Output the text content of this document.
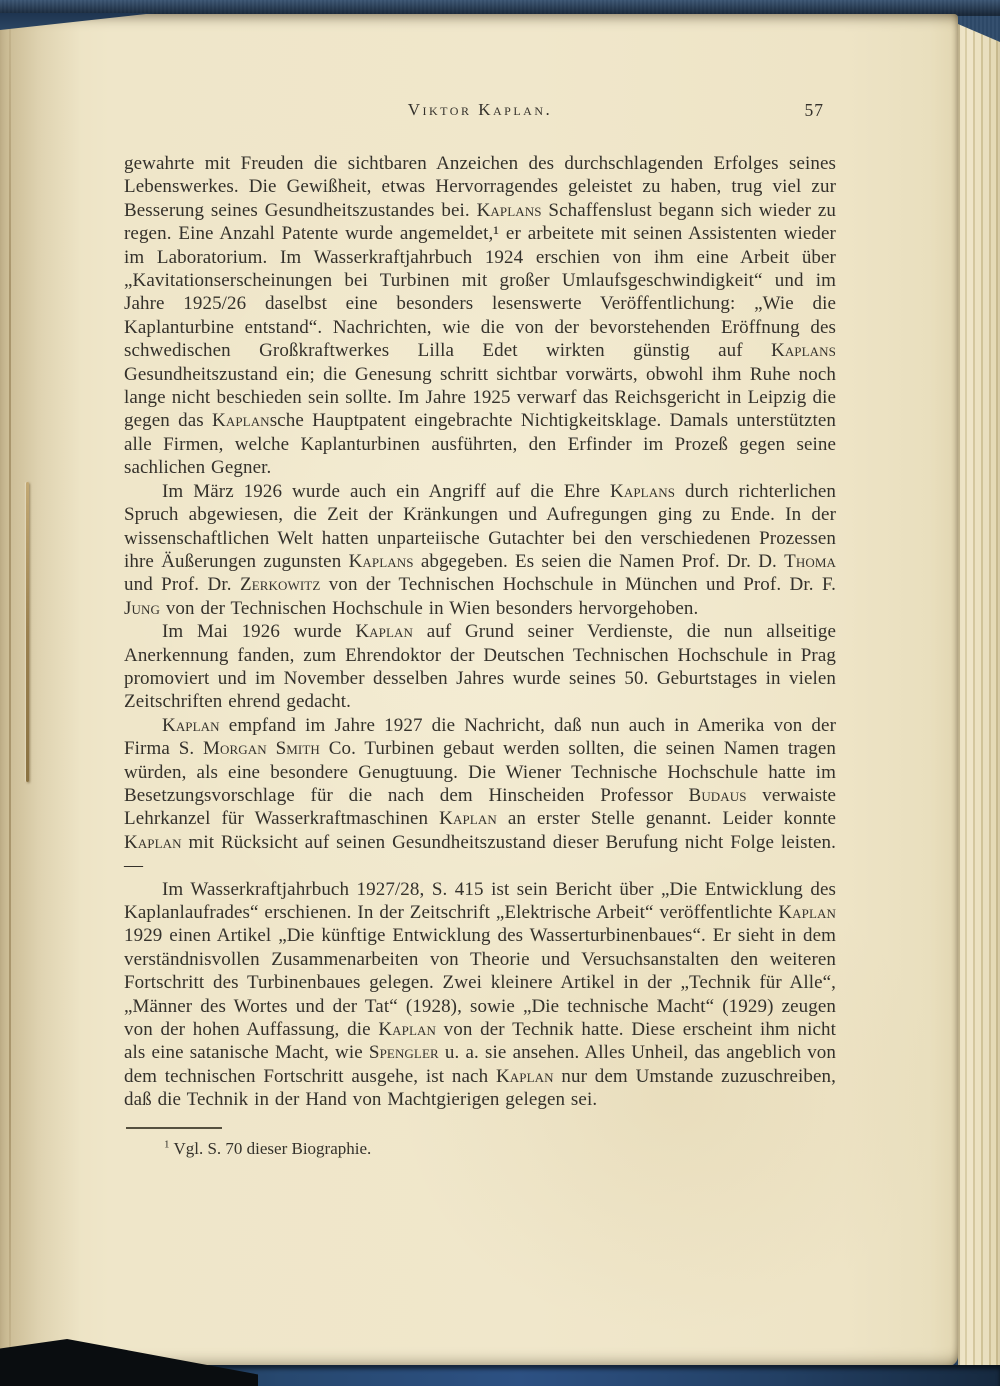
Viktor Kaplan.	57

gewahrte mit Freuden die sichtbaren Anzeichen des durchschlagenden Erfolges seines Lebenswerkes. Die Gewißheit, etwas Hervorragendes geleistet zu haben, trug viel zur Besserung seines Gesundheitszustandes bei. Kaplans Schaffenslust begann sich wieder zu regen. Eine Anzahl Patente wurde angemeldet,¹ er arbeitete mit seinen Assistenten wieder im Laboratorium. Im Wasserkraftjahrbuch 1924 erschien von ihm eine Arbeit über „Kavitationserscheinungen bei Turbinen mit großer Umlaufsgeschwindigkeit“ und im Jahre 1925/26 daselbst eine besonders lesenswerte Veröffentlichung: „Wie die Kaplanturbine entstand“. Nachrichten, wie die von der bevorstehenden Eröffnung des schwedischen Großkraftwerkes Lilla Edet wirkten günstig auf Kaplans Gesundheitszustand ein; die Genesung schritt sichtbar vorwärts, obwohl ihm Ruhe noch lange nicht beschieden sein sollte. Im Jahre 1925 verwarf das Reichsgericht in Leipzig die gegen das Kaplansche Hauptpatent eingebrachte Nichtigkeitsklage. Damals unterstützten alle Firmen, welche Kaplanturbinen ausführten, den Erfinder im Prozeß gegen seine sachlichen Gegner.

Im März 1926 wurde auch ein Angriff auf die Ehre Kaplans durch richterlichen Spruch abgewiesen, die Zeit der Kränkungen und Aufregungen ging zu Ende. In der wissenschaftlichen Welt hatten unparteiische Gutachter bei den verschiedenen Prozessen ihre Äußerungen zugunsten Kaplans abgegeben. Es seien die Namen Prof. Dr. D. Thoma und Prof. Dr. Zerkowitz von der Technischen Hochschule in München und Prof. Dr. F. Jung von der Technischen Hochschule in Wien besonders hervorgehoben.

Im Mai 1926 wurde Kaplan auf Grund seiner Verdienste, die nun allseitige Anerkennung fanden, zum Ehrendoktor der Deutschen Technischen Hochschule in Prag promoviert und im November desselben Jahres wurde seines 50. Geburtstages in vielen Zeitschriften ehrend gedacht.

Kaplan empfand im Jahre 1927 die Nachricht, daß nun auch in Amerika von der Firma S. Morgan Smith Co. Turbinen gebaut werden sollten, die seinen Namen tragen würden, als eine besondere Genugtuung. Die Wiener Technische Hochschule hatte im Besetzungsvorschlage für die nach dem Hinscheiden Professor Budaus verwaiste Lehrkanzel für Wasserkraftmaschinen Kaplan an erster Stelle genannt. Leider konnte Kaplan mit Rücksicht auf seinen Gesundheitszustand dieser Berufung nicht Folge leisten. —

Im Wasserkraftjahrbuch 1927/28, S. 415 ist sein Bericht über „Die Entwicklung des Kaplanlaufrades“ erschienen. In der Zeitschrift „Elektrische Arbeit“ veröffentlichte Kaplan 1929 einen Artikel „Die künftige Entwicklung des Wasserturbinenbaues“. Er sieht in dem verständnisvollen Zusammenarbeiten von Theorie und Versuchsanstalten den weiteren Fortschritt des Turbinenbaues gelegen. Zwei kleinere Artikel in der „Technik für Alle“, „Männer des Wortes und der Tat“ (1928), sowie „Die technische Macht“ (1929) zeugen von der hohen Auffassung, die Kaplan von der Technik hatte. Diese erscheint ihm nicht als eine satanische Macht, wie Spengler u. a. sie ansehen. Alles Unheil, das angeblich von dem technischen Fortschritt ausgehe, ist nach Kaplan nur dem Umstande zuzuschreiben, daß die Technik in der Hand von Machtgierigen gelegen sei.

$^1$ Vgl. S. 70 dieser Biographie.
